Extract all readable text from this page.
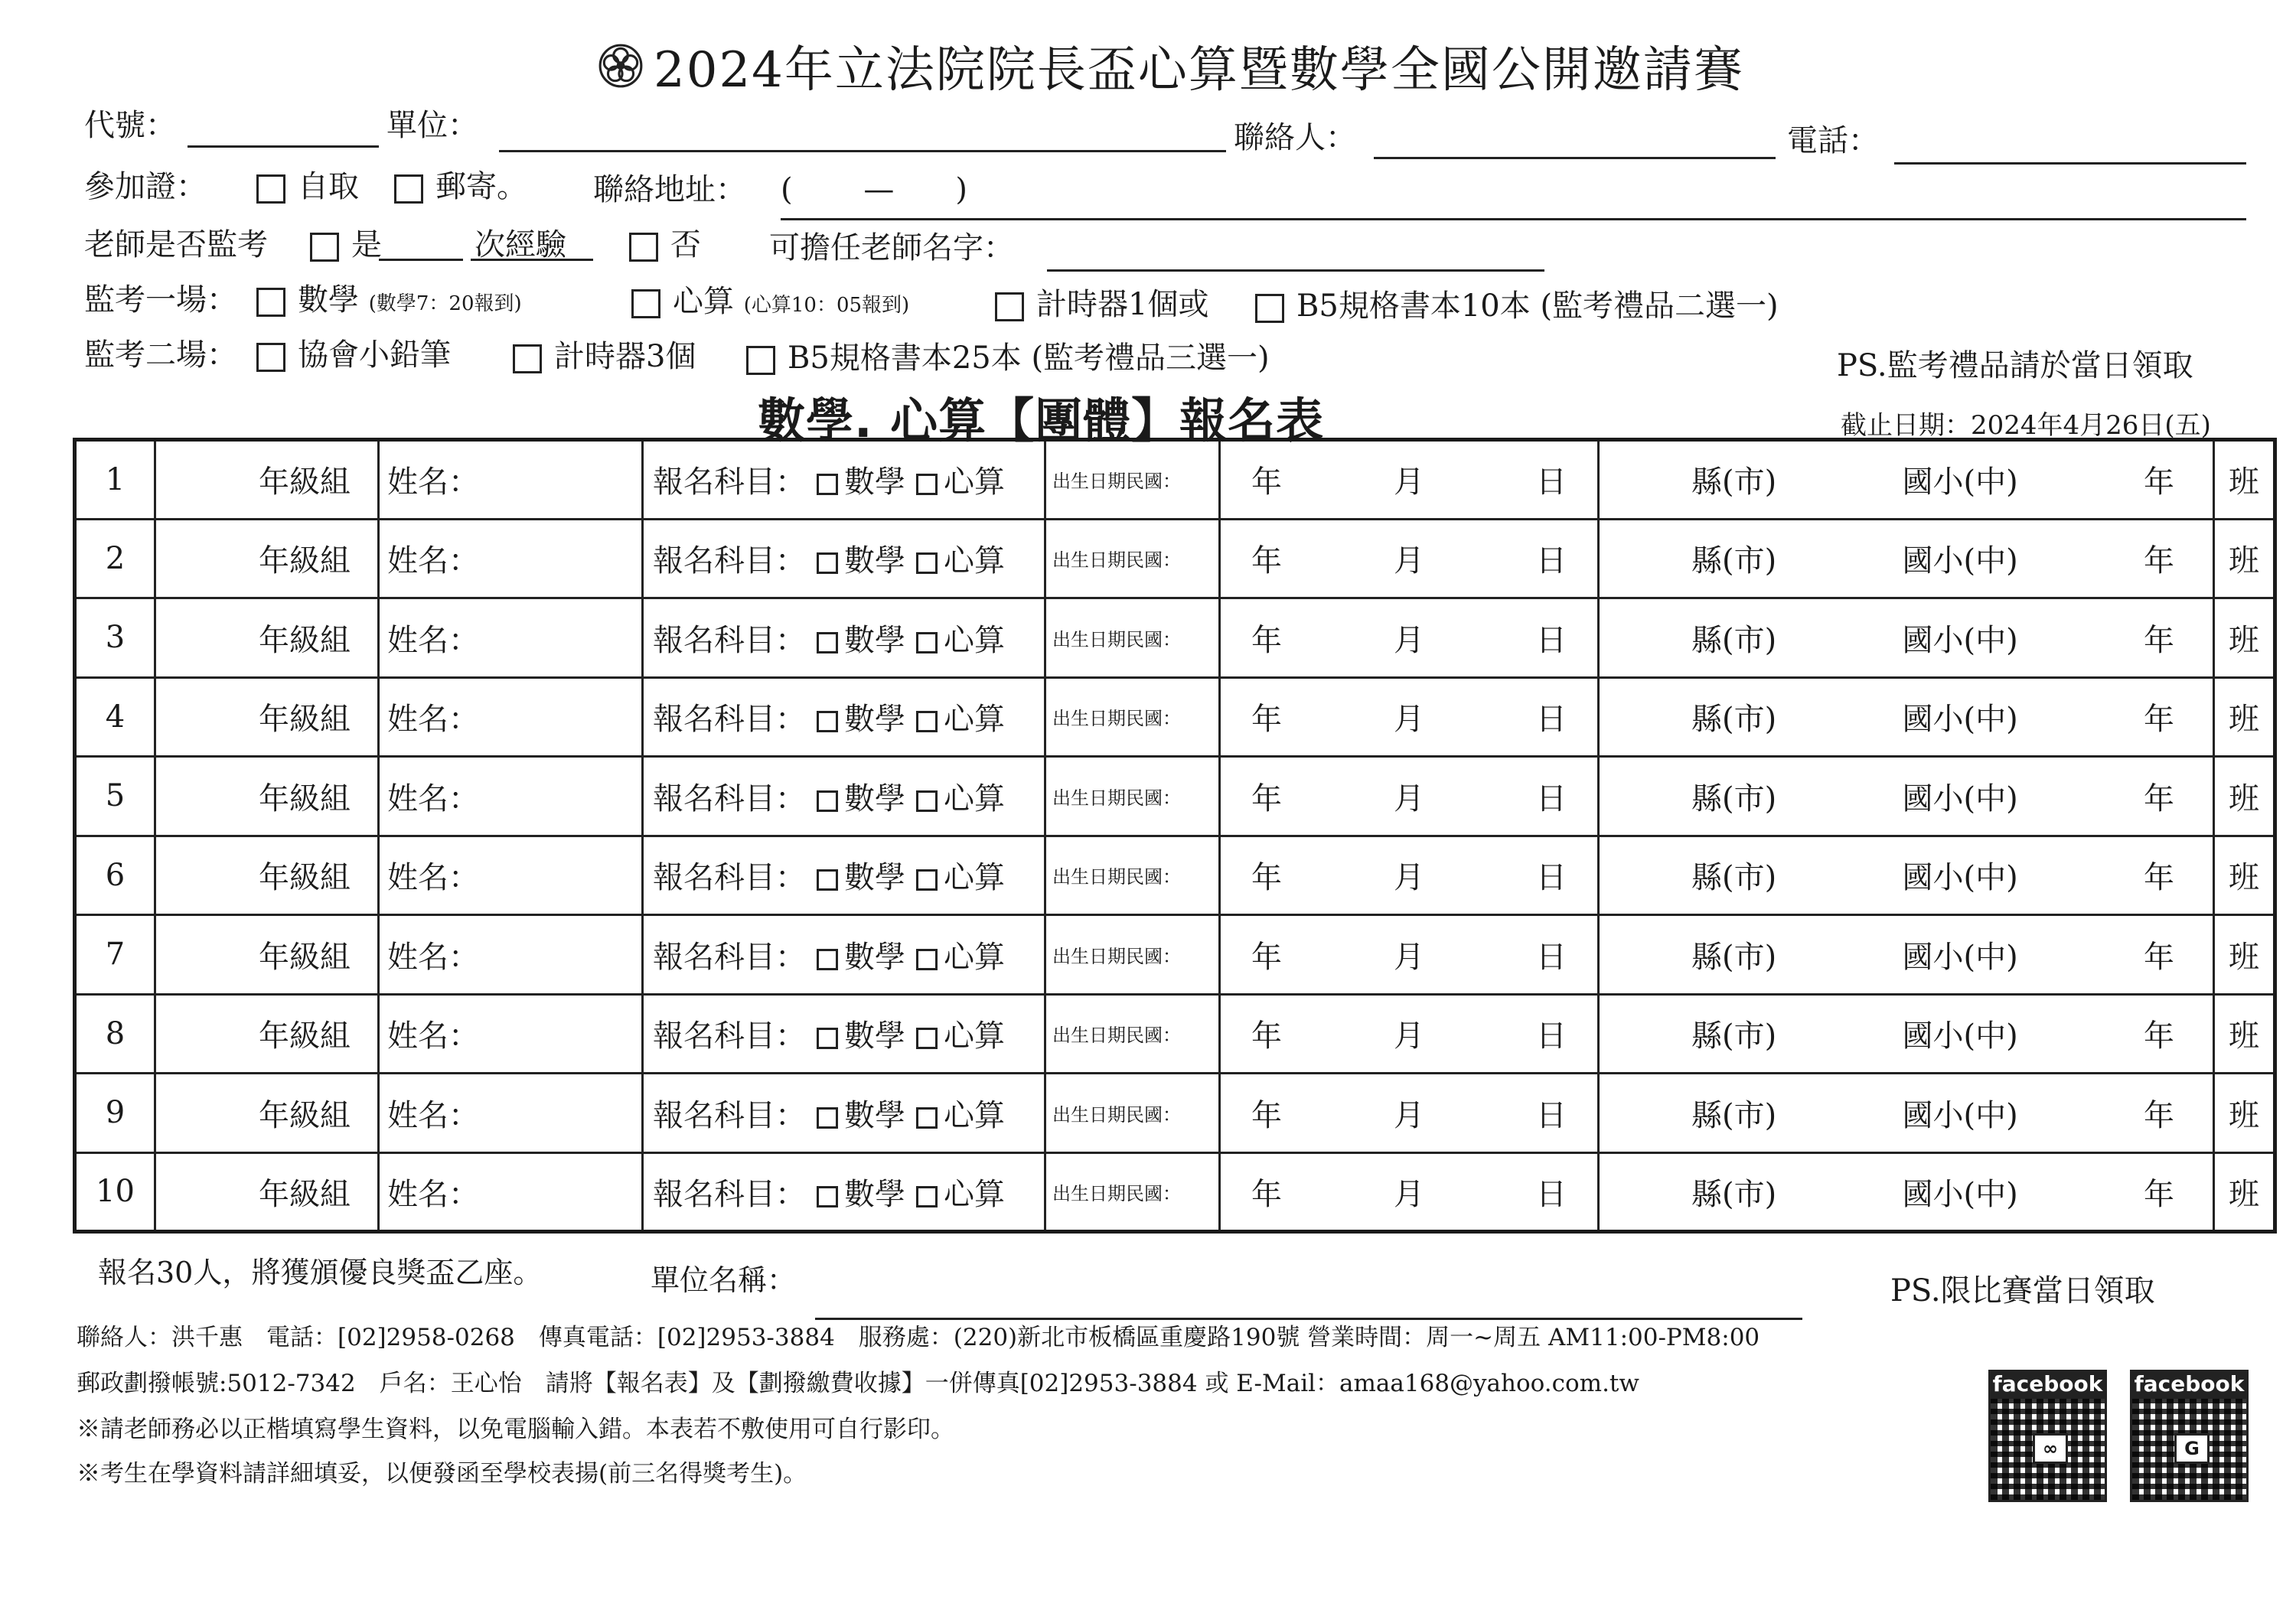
2024年立法院院長盃心算暨數學全國公開邀請賽
代號：	單位：	聯絡人：	電話：
參加證：	自取	郵寄。 聯絡地址： (　　 —　　)
老師是否監考	是	次經驗	否 可擔任老師名字：
監考一場：	數學 (數學7：20報到)	心算 (心算10：05報到)	計時器1個或	B5規格書本10本 (監考禮品二選一)
監考二場：	協會小鉛筆	計時器3個	B5規格書本25本 (監考禮品三選一)	PS.監考禮品請於當日領取
數學. 心算【團體】報名表	截止日期：2024年4月26日(五)
1	年級組	姓名：	報名科目： 數學 心算	出生日期民國：	年 月 日	縣(市) 國小(中) 年	班
2	年級組	姓名：	報名科目： 數學 心算	出生日期民國：	年 月 日	縣(市) 國小(中) 年	班
3	年級組	姓名：	報名科目： 數學 心算	出生日期民國：	年 月 日	縣(市) 國小(中) 年	班
4	年級組	姓名：	報名科目： 數學 心算	出生日期民國：	年 月 日	縣(市) 國小(中) 年	班
5	年級組	姓名：	報名科目： 數學 心算	出生日期民國：	年 月 日	縣(市) 國小(中) 年	班
6	年級組	姓名：	報名科目： 數學 心算	出生日期民國：	年 月 日	縣(市) 國小(中) 年	班
7	年級組	姓名：	報名科目： 數學 心算	出生日期民國：	年 月 日	縣(市) 國小(中) 年	班
8	年級組	姓名：	報名科目： 數學 心算	出生日期民國：	年 月 日	縣(市) 國小(中) 年	班
9	年級組	姓名：	報名科目： 數學 心算	出生日期民國：	年 月 日	縣(市) 國小(中) 年	班
10	年級組	姓名：	報名科目： 數學 心算	出生日期民國：	年 月 日	縣(市) 國小(中) 年	班
報名30人，將獲頒優良獎盃乙座。	單位名稱：	PS.限比賽當日領取
聯絡人：洪千惠　電話：[02]2958-0268　傳真電話：[02]2953-3884　服務處：(220)新北市板橋區重慶路190號 營業時間：周一~周五 AM11:00-PM8:00
郵政劃撥帳號:5012-7342　戶名：王心怡　請將【報名表】及【劃撥繳費收據】一併傳真[02]2953-3884 或 E-Mail：amaa168@yahoo.com.tw
※請老師務必以正楷填寫學生資料，以免電腦輸入錯。本表若不敷使用可自行影印。
※考生在學資料請詳細填妥，以便發函至學校表揚(前三名得獎考生)。
facebook
∞
facebook
G
